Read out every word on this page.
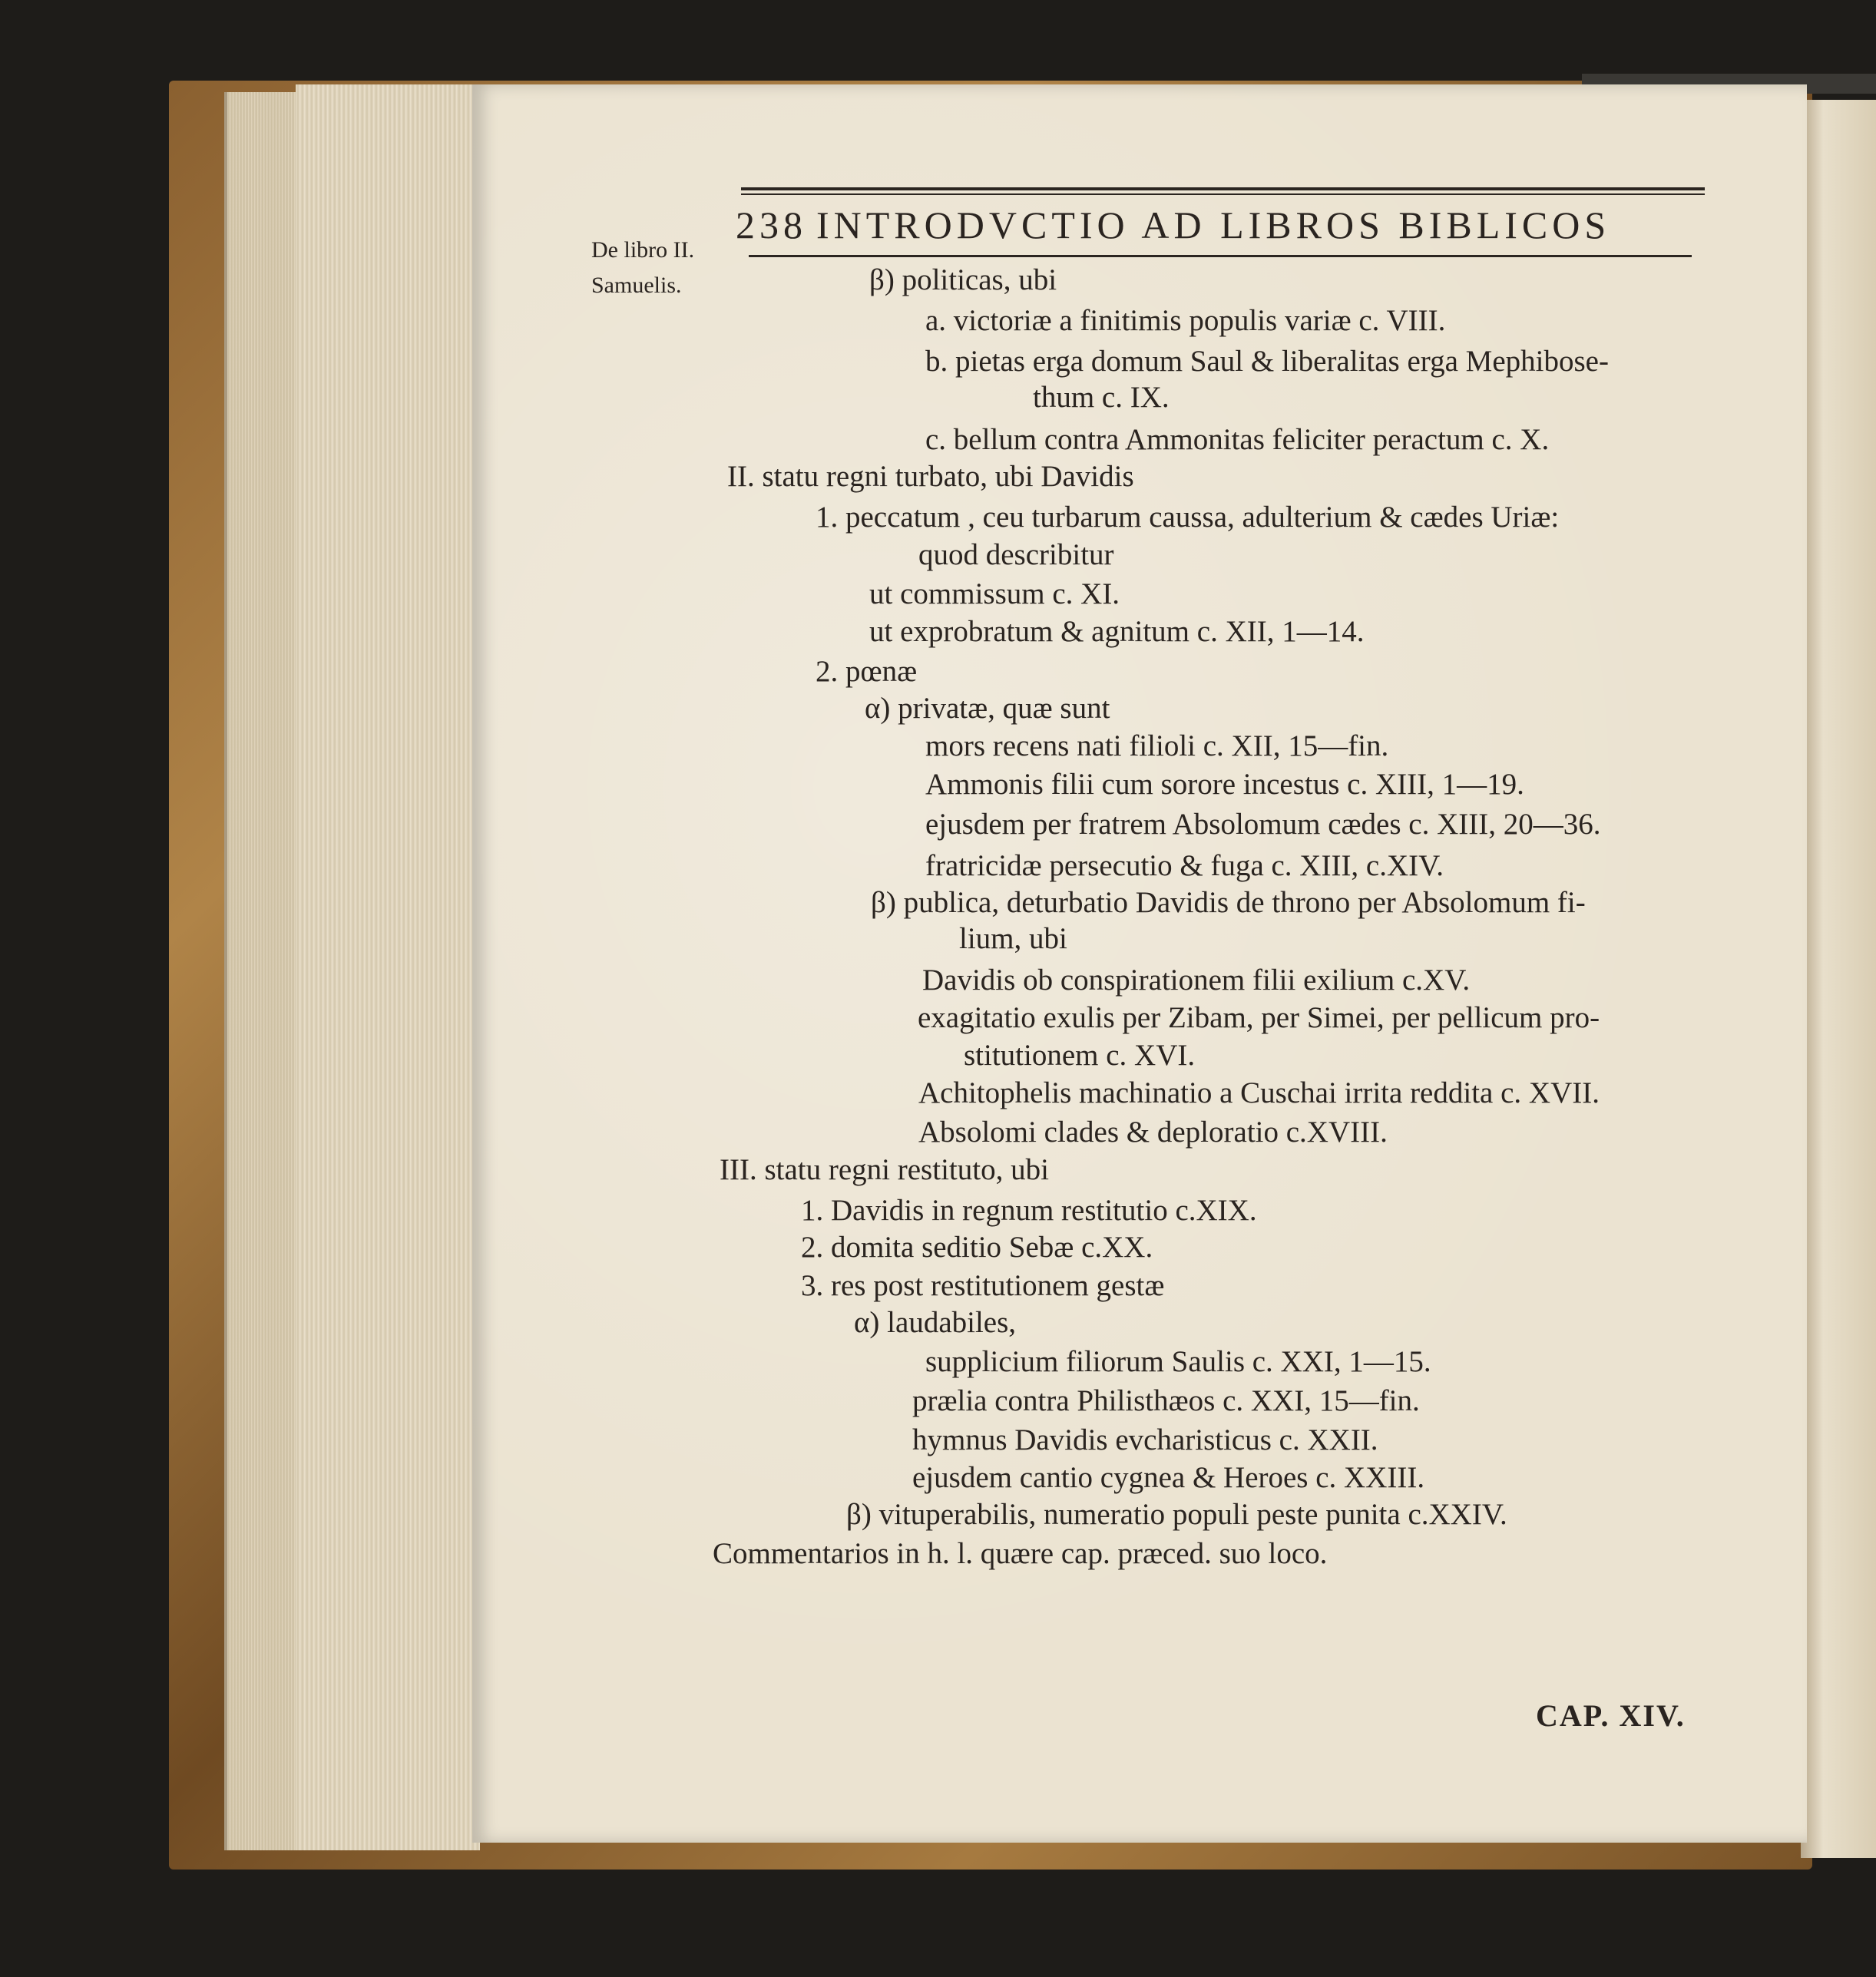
238 INTRODVCTIO AD LIBROS BIBLICOS
De libro II.
Samuelis.	β) politicas, ubi
a. victoriæ a finitimis populis variæ c. VIII.
b. pietas erga domum Saul & liberalitas erga Mephibose-
thum c. IX.
c. bellum contra Ammonitas feliciter peractum c. X.
II. statu regni turbato, ubi Davidis
1. peccatum , ceu turbarum caussa, adulterium & cædes Uriæ:
quod describitur
ut commissum c. XI.
ut exprobratum & agnitum c. XII, 1—14.
2. pœnæ
α) privatæ, quæ sunt
mors recens nati filioli c. XII, 15—fin.
Ammonis filii cum sorore incestus c. XIII, 1—19.
ejusdem per fratrem Absolomum cædes c. XIII, 20—36.
fratricidæ persecutio & fuga c. XIII, c.XIV.
β) publica, deturbatio Davidis de throno per Absolomum fi-
lium, ubi
Davidis ob conspirationem filii exilium c.XV.
exagitatio exulis per Zibam, per Simei, per pellicum pro-
stitutionem c. XVI.
Achitophelis machinatio a Cuschai irrita reddita c. XVII.
Absolomi clades & deploratio c.XVIII.
III. statu regni restituto, ubi
1. Davidis in regnum restitutio c.XIX.
2. domita seditio Sebæ c.XX.
3. res post restitutionem gestæ
α) laudabiles,
supplicium filiorum Saulis c. XXI, 1—15.
prælia contra Philisthæos c. XXI, 15—fin.
hymnus Davidis evcharisticus c. XXII.
ejusdem cantio cygnea & Heroes c. XXIII.
β) vituperabilis, numeratio populi peste punita c.XXIV.
Commentarios in h. l. quære cap. præced. suo loco.
CAP. XIV.
